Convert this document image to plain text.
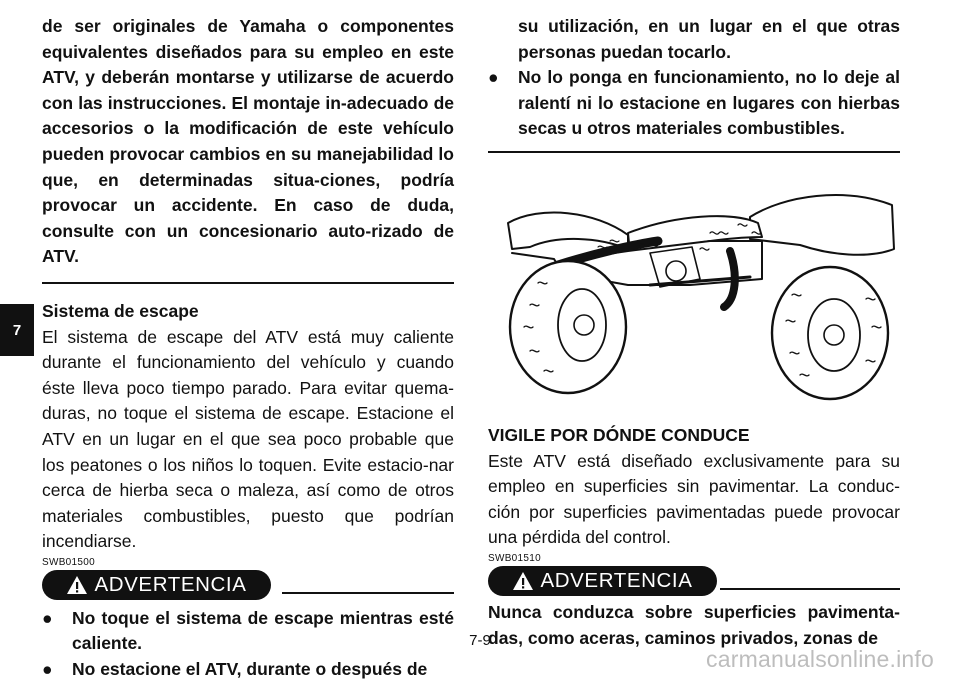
7
de ser originales de Yamaha o componentes equivalentes diseñados para su empleo en este ATV, y deberán montarse y utilizarse de acuerdo con las instrucciones. El montaje in-adecuado de accesorios o la modificación de este vehículo pueden provocar cambios en su manejabilidad lo que, en determinadas situa-ciones, podría provocar un accidente. En caso de duda, consulte con un concesionario auto-rizado de ATV.
Sistema de escape
El sistema de escape del ATV está muy caliente durante el funcionamiento del vehículo y cuando éste lleva poco tiempo parado. Para evitar quema-duras, no toque el sistema de escape. Estacione el ATV en un lugar en el que sea poco probable que los peatones o los niños lo toquen. Evite estacio-nar cerca de hierba seca o maleza, así como de otros materiales combustibles, puesto que podrían incendiarse.
SWB01500
ADVERTENCIA
● No toque el sistema de escape mientras esté caliente.
● No estacione el ATV, durante o después de
su utilización, en un lugar en el que otras personas puedan tocarlo.
● No lo ponga en funcionamiento, no lo deje al ralentí ni lo estacione en lugares con hierbas secas u otros materiales combustibles.
VIGILE POR DÓNDE CONDUCE
Este ATV está diseñado exclusivamente para su empleo en superficies sin pavimentar. La conduc-ción por superficies pavimentadas puede provocar una pérdida del control.
SWB01510
ADVERTENCIA
Nunca conduzca sobre superficies pavimenta-das, como aceras, caminos privados, zonas de
7-9
carmanualsonline.info
